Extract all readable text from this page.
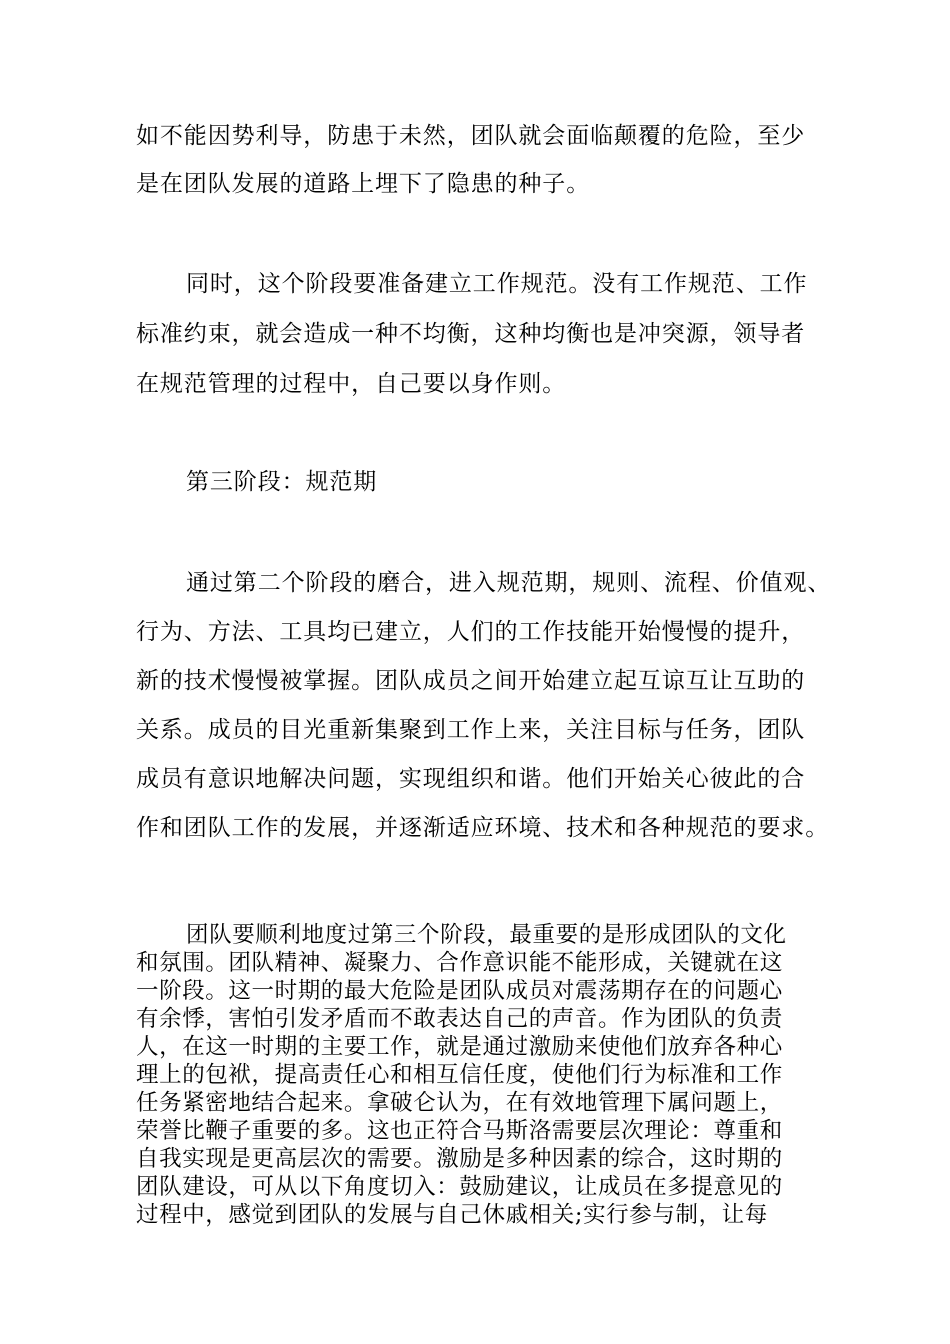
如不能因势利导，防患于未然，团队就会面临颠覆的危险，至少
是在团队发展的道路上埋下了隐患的种子。
同时，这个阶段要准备建立工作规范。没有工作规范、工作
标准约束，就会造成一种不均衡，这种均衡也是冲突源，领导者
在规范管理的过程中，自己要以身作则。
第三阶段：规范期
通过第二个阶段的磨合，进入规范期，规则、流程、价值观、
行为、方法、工具均已建立，人们的工作技能开始慢慢的提升，
新的技术慢慢被掌握。团队成员之间开始建立起互谅互让互助的
关系。成员的目光重新集聚到工作上来，关注目标与任务，团队
成员有意识地解决问题，实现组织和谐。他们开始关心彼此的合
作和团队工作的发展，并逐渐适应环境、技术和各种规范的要求。
团队要顺利地度过第三个阶段，最重要的是形成团队的文化
和氛围。团队精神、凝聚力、合作意识能不能形成，关键就在这
一阶段。这一时期的最大危险是团队成员对震荡期存在的问题心
有余悸，害怕引发矛盾而不敢表达自己的声音。作为团队的负责
人，在这一时期的主要工作，就是通过激励来使他们放弃各种心
理上的包袱，提高责任心和相互信任度，使他们行为标准和工作
任务紧密地结合起来。拿破仑认为，在有效地管理下属问题上，
荣誉比鞭子重要的多。这也正符合马斯洛需要层次理论：尊重和
自我实现是更高层次的需要。激励是多种因素的综合，这时期的
团队建设，可从以下角度切入：鼓励建议，让成员在多提意见的
过程中，感觉到团队的发展与自己休戚相关;实行参与制，让每
